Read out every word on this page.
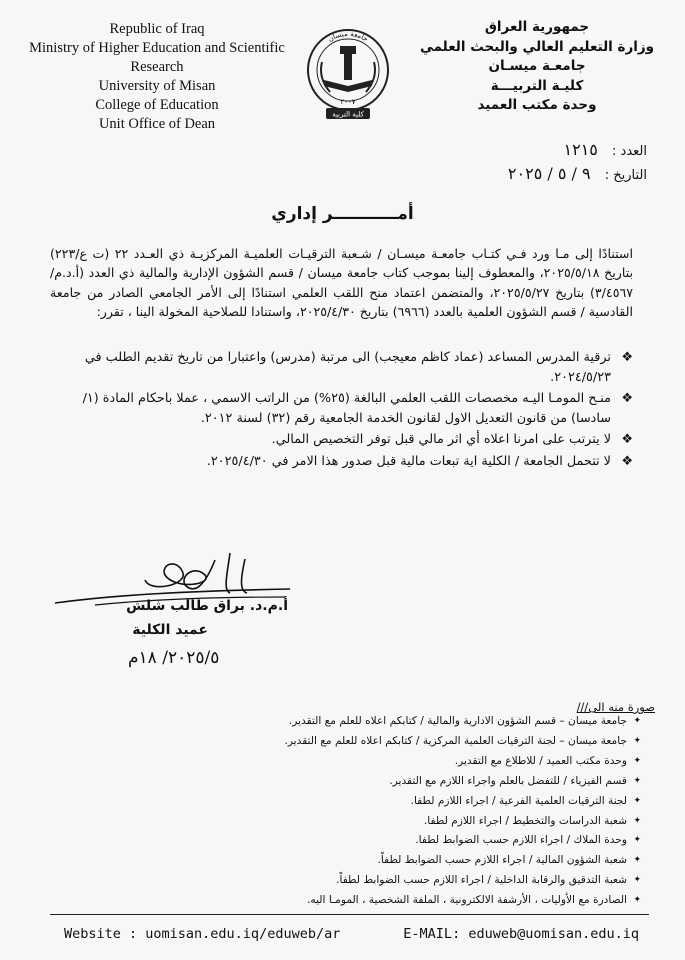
Republic of Iraq
Ministry of Higher Education and Scientific Research
University of Misan
College of Education
Unit Office of Dean
جامعة ميسان
٢٠٠٧
كلية التربية
جمهورية العراق
وزارة التعليم العالي والبحث العلمي
جامعـة ميسـان
كليـة التربيـــة
وحدة مكتب العميد
العدد : ١٢١٥
التاريخ : ٩ / ٥ / ٢٠٢٥
أمـــــــــــر إداري
استنادًا إلى مـا ورد فـي كتـاب جامعـة ميسـان / شـعبة الترقيـات العلميـة المركزيـة ذي العـدد ٢٢ (ت ع/٢٢٣) بتاريخ ٢٠٢٥/٥/١٨، والمعطوف إلينا بموجب كتاب جامعة ميسان / قسم الشؤون الإدارية والمالية ذي العدد (أ.د.م/٣/٤٥٦٧) بتاريخ ٢٠٢٥/٥/٢٧، والمتضمن اعتماد منح اللقب العلمي استنادًا إلى الأمر الجامعي الصادر من جامعة القادسية / قسم الشؤون العلمية بالعدد (٦٩٦٦) بتاريخ ٢٠٢٥/٤/٣٠، واستنادا للصلاحية المخولة الينا ، تقرر:
❖ ترقية المدرس المساعد (عماد كاظم معيجب) الى مرتبة (مدرس) واعتبارا من تاريخ تقديم الطلب في ٢٠٢٤/٥/٢٣.
❖ منـح المومـا اليـه مخصصات اللقب العلمي البالغة (٢٥%) من الراتب الاسمي ، عملا باحكام المادة (١/سادسا) من قانون التعديل الاول لقانون الخدمة الجامعية رقم (٣٢) لسنة ٢٠١٢.
❖ لا يترتب على امرنا اعلاه أي اثر مالي قبل توفر التخصيص المالي.
❖ لا تتحمل الجامعة / الكلية اية تبعات مالية قبل صدور هذا الامر في ٢٠٢٥/٤/٣٠.
أ.م.د. براق طالب شلش
عميد الكلية
٢٠٢٥/٥/ ١٨م
صورة منه الى///
✦ جامعة ميسان – قسم الشؤون الادارية والمالية / كتابكم اعلاه للعلم مع التقدير.
✦ جامعة ميسان – لجنة الترقيات العلمية المركزية / كتابكم اعلاه للعلم مع التقدير.
✦ وحدة مكتب العميد / للاطلاع مع التقدير.
✦ قسم الفيزياء / للتفضل بالعلم واجراء اللازم مع التقدير.
✦ لجنة الترقيات العلمية الفرعية / اجراء اللازم لطفا.
✦ شعبة الدراسات والتخطيط / اجراء اللازم لطفا.
✦ وحدة الملاك / اجراء اللازم حسب الضوابط لطفا.
✦ شعبة الشؤون المالية / اجراء اللازم حسب الضوابط لطفاً.
✦ شعبة التدقيق والرقابة الداخلية / اجراء اللازم حسب الضوابط لطفاً.
✦ الصادرة مع الأوليات ، الأرشفة الالكترونية ، الملفة الشخصية ، المومـا اليه.
Website : uomisan.edu.iq/eduweb/ar	E-MAIL: eduweb@uomisan.edu.iq
